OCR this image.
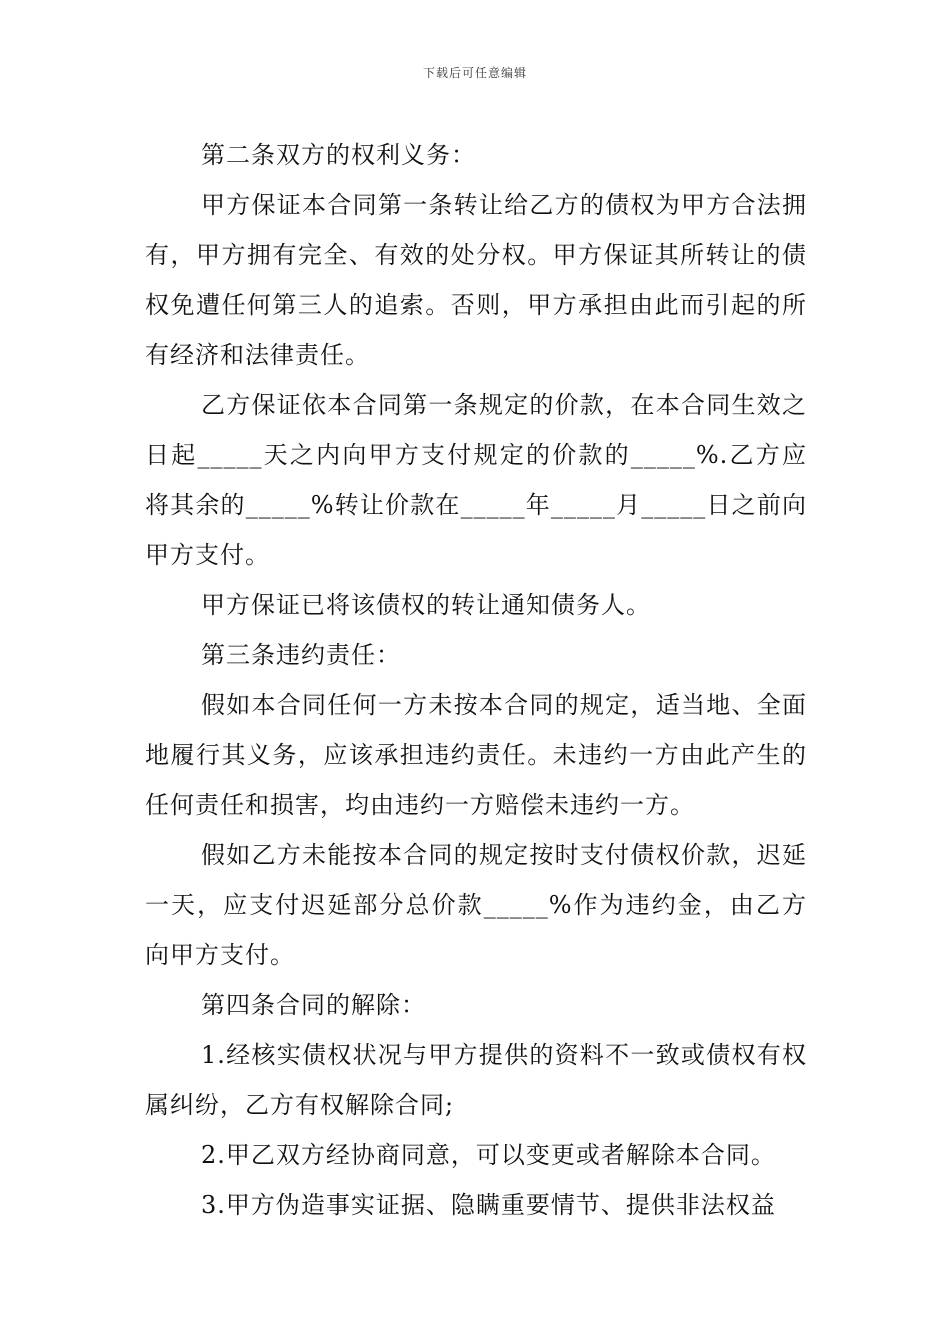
下载后可任意编辑

第二条双方的权利义务：

甲方保证本合同第一条转让给乙方的债权为甲方合法拥有，甲方拥有完全、有效的处分权。甲方保证其所转让的债权免遭任何第三人的追索。否则，甲方承担由此而引起的所有经济和法律责任。

乙方保证依本合同第一条规定的价款，在本合同生效之日起_____天之内向甲方支付规定的价款的_____%.乙方应将其余的_____%转让价款在_____年_____月_____日之前向甲方支付。

甲方保证已将该债权的转让通知债务人。

第三条违约责任：

假如本合同任何一方未按本合同的规定，适当地、全面地履行其义务，应该承担违约责任。未违约一方由此产生的任何责任和损害，均由违约一方赔偿未违约一方。

假如乙方未能按本合同的规定按时支付债权价款，迟延一天，应支付迟延部分总价款_____%作为违约金，由乙方向甲方支付。

第四条合同的解除：

1.经核实债权状况与甲方提供的资料不一致或债权有权属纠纷，乙方有权解除合同;

2.甲乙双方经协商同意，可以变更或者解除本合同。

3.甲方伪造事实证据、隐瞒重要情节、提供非法权益
